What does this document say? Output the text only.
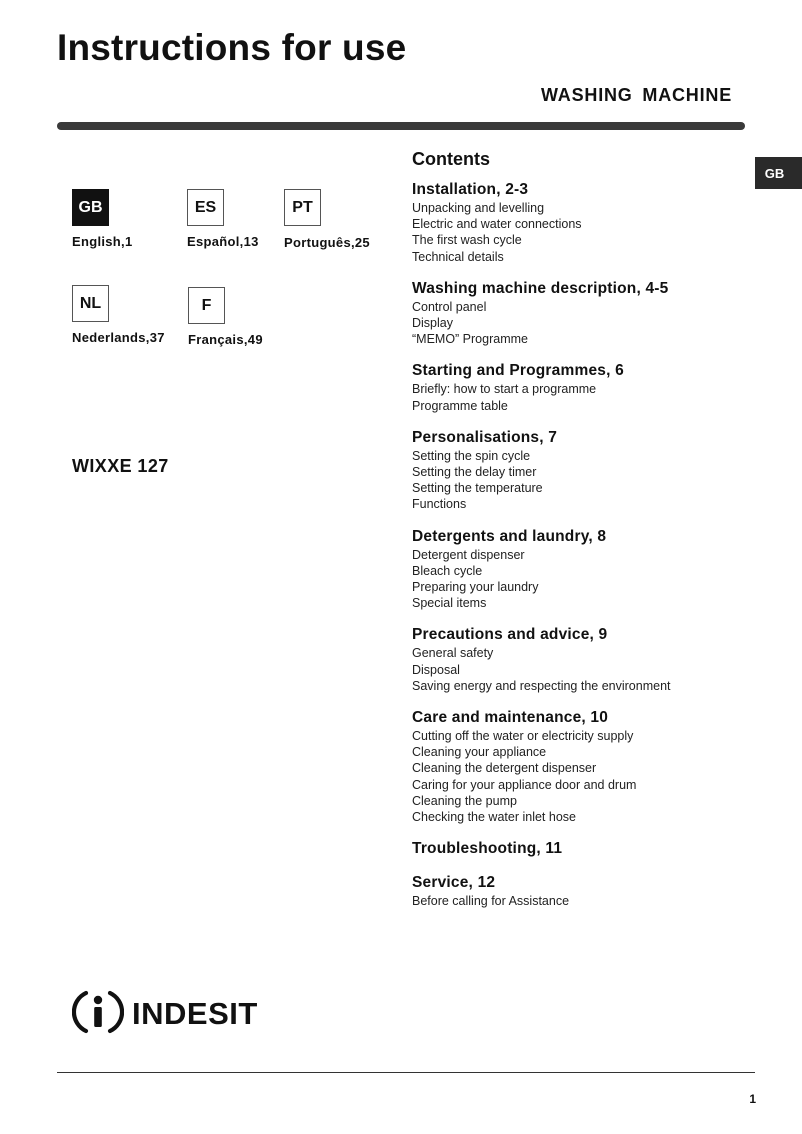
Instructions for use
WASHING MACHINE
GB
GB
English,1
ES
Español,13
PT
Português,25
NL
Nederlands,37
F
Français,49
WIXXE 127
Contents
Installation, 2-3
Unpacking and levelling
Electric and water connections
The first wash cycle
Technical details
Washing machine description, 4-5
Control panel
Display
“MEMO” Programme
Starting and Programmes, 6
Briefly: how to start a programme
Programme table
Personalisations, 7
Setting the spin cycle
Setting the delay timer
Setting the temperature
Functions
Detergents and laundry, 8
Detergent dispenser
Bleach cycle
Preparing your laundry
Special items
Precautions and advice, 9
General safety
Disposal
Saving energy and respecting the environment
Care and maintenance, 10
Cutting off the water or electricity supply
Cleaning your appliance
Cleaning the detergent dispenser
Caring for your appliance door and drum
Cleaning the pump
Checking the water inlet hose
Troubleshooting, 11
Service, 12
Before calling for Assistance
INDESIT
1
